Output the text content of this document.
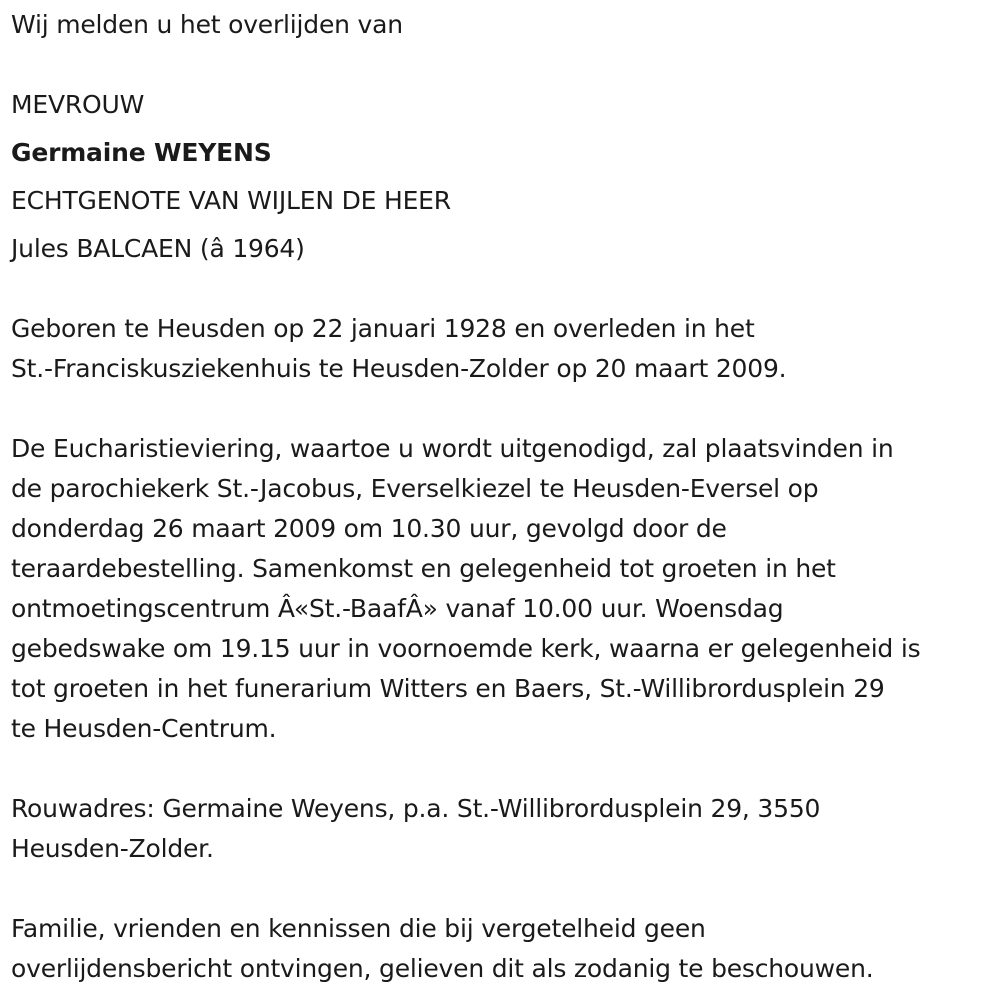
Wij melden u het overlijden van
MEVROUW
Germaine WEYENS
ECHTGENOTE VAN WIJLEN DE HEER
Jules BALCAEN (â 1964)
Geboren te Heusden op 22 januari 1928 en overleden in het
St.-Franciskusziekenhuis te Heusden-Zolder op 20 maart 2009.
De Eucharistieviering, waartoe u wordt uitgenodigd, zal plaatsvinden in
de parochiekerk St.-Jacobus, Everselkiezel te Heusden-Eversel op
donderdag 26 maart 2009 om 10.30 uur, gevolgd door de
teraardebestelling. Samenkomst en gelegenheid tot groeten in het
ontmoetingscentrum Â«St.-BaafÂ» vanaf 10.00 uur. Woensdag
gebedswake om 19.15 uur in voornoemde kerk, waarna er gelegenheid is
tot groeten in het funerarium Witters en Baers, St.-Willibrordusplein 29
te Heusden-Centrum.
Rouwadres: Germaine Weyens, p.a. St.-Willibrordusplein 29, 3550
Heusden-Zolder.
Familie, vrienden en kennissen die bij vergetelheid geen
overlijdensbericht ontvingen, gelieven dit als zodanig te beschouwen.
